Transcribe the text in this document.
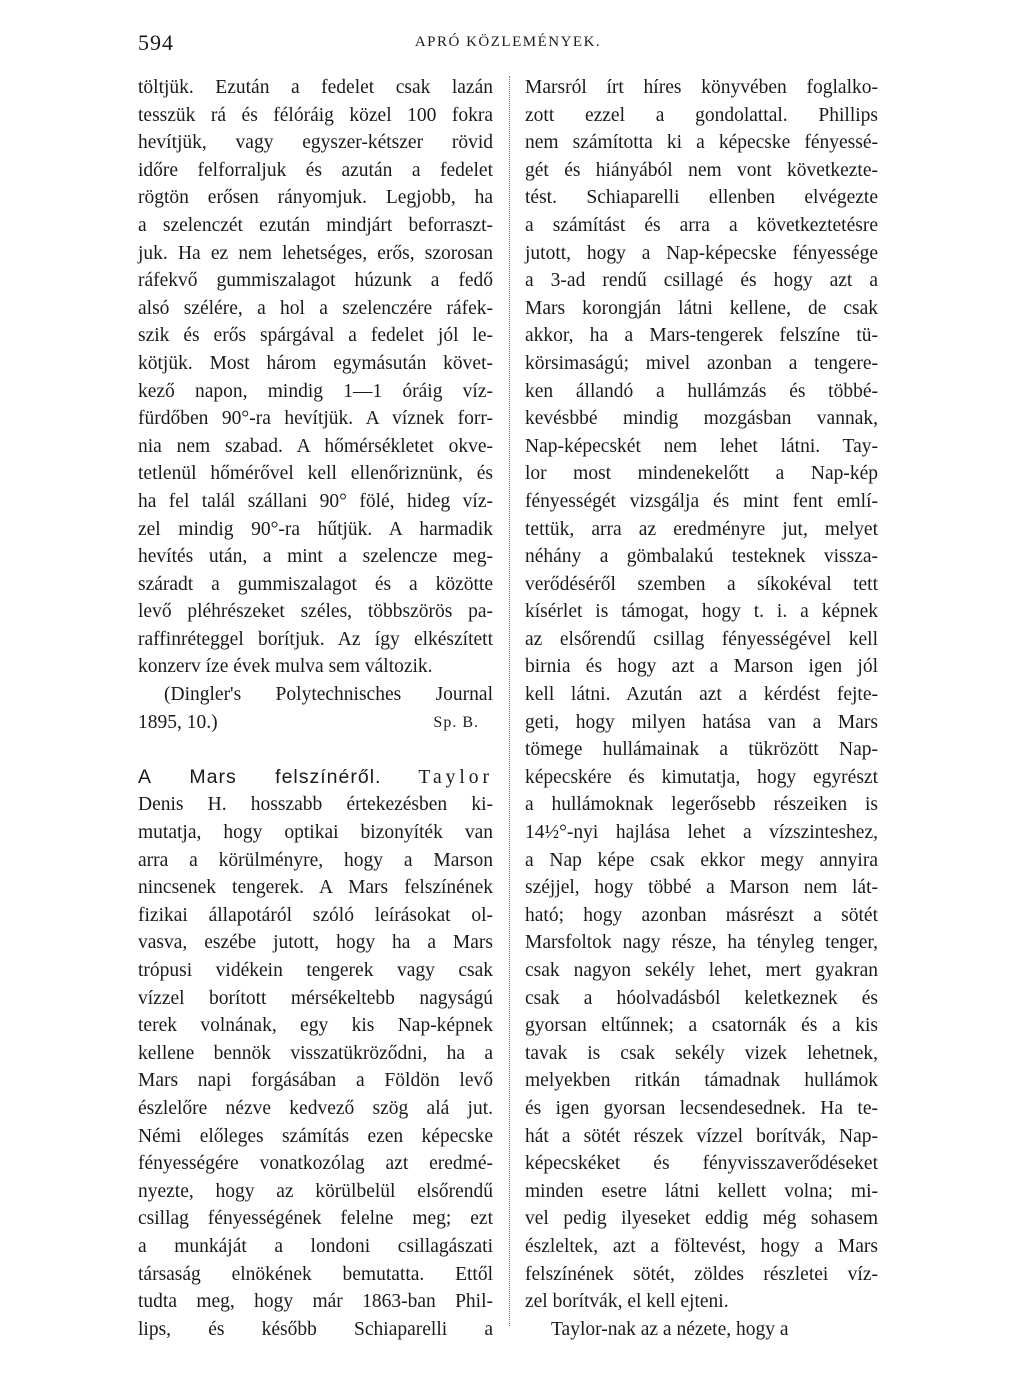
594	APRÓ KÖZLEMÉNYEK.
töltjük. Ezután a fedelet csak lazán
tesszük rá és félóráig közel 100 fokra
hevítjük, vagy egyszer-kétszer rövid
időre felforraljuk és azután a fedelet
rögtön erősen rányomjuk. Legjobb, ha
a szelenczét ezután mindjárt beforraszt-
juk. Ha ez nem lehetséges, erős, szorosan
ráfekvő gummiszalagot húzunk a fedő
alsó szélére, a hol a szelenczére ráfek-
szik és erős spárgával a fedelet jól le-
kötjük. Most három egymásután követ-
kező napon, mindig 1—1 óráig víz-
fürdőben 90°-ra hevítjük. A víznek forr-
nia nem szabad. A hőmérsékletet okve-
tetlenül hőmérővel kell ellenőriznünk, és
ha fel talál szállani 90° fölé, hideg víz-
zel mindig 90°-ra hűtjük. A harmadik
hevítés után, a mint a szelencze meg-
száradt a gummiszalagot és a közötte
levő pléhrészeket széles, többszörös pa-
raffinréteggel borítjuk. Az így elkészített
konzerv íze évek mulva sem változik.
(Dingler's Polytechnisches Journal
1895, 10.)	Sp. B.
A Mars felszínéről. Taylor
Denis H. hosszabb értekezésben ki-
mutatja, hogy optikai bizonyíték van
arra a körülményre, hogy a Marson
nincsenek tengerek. A Mars felszínének
fizikai állapotáról szóló leírásokat ol-
vasva, eszébe jutott, hogy ha a Mars
trópusi vidékein tengerek vagy csak
vízzel borított mérsékeltebb nagyságú
terek volnának, egy kis Nap-képnek
kellene bennök visszatükröződni, ha a
Mars napi forgásában a Földön levő
észlelőre nézve kedvező szög alá jut.
Némi előleges számítás ezen képecske
fényességére vonatkozólag azt eredmé-
nyezte, hogy az körülbelül elsőrendű
csillag fényességének felelne meg; ezt
a munkáját a londoni csillagászati
társaság elnökének bemutatta. Ettől
tudta meg, hogy már 1863-ban Phil-
lips, és később Schiaparelli a
Marsról írt híres könyvében foglalko-
zott ezzel a gondolattal. Phillips
nem számította ki a képecske fényessé-
gét és hiányából nem vont következte-
tést. Schiaparelli ellenben elvégezte
a számítást és arra a következtetésre
jutott, hogy a Nap-képecske fényessége
a 3-ad rendű csillagé és hogy azt a
Mars korongján látni kellene, de csak
akkor, ha a Mars-tengerek felszíne tü-
körsimaságú; mivel azonban a tengere-
ken állandó a hullámzás és többé-
kevésbbé mindig mozgásban vannak,
Nap-képecskét nem lehet látni. Tay-
lor most mindenekelőtt a Nap-kép
fényességét vizsgálja és mint fent emlí-
tettük, arra az eredményre jut, melyet
néhány a gömbalakú testeknek vissza-
verődéséről szemben a síkokéval tett
kísérlet is támogat, hogy t. i. a képnek
az elsőrendű csillag fényességével kell
birnia és hogy azt a Marson igen jól
kell látni. Azután azt a kérdést fejte-
geti, hogy milyen hatása van a Mars
tömege hullámainak a tükrözött Nap-
képecskére és kimutatja, hogy egyrészt
a hullámoknak legerősebb részeiken is
14½°-nyi hajlása lehet a vízszinteshez,
a Nap képe csak ekkor megy annyira
széjjel, hogy többé a Marson nem lát-
ható; hogy azonban másrészt a sötét
Marsfoltok nagy része, ha tényleg tenger,
csak nagyon sekély lehet, mert gyakran
csak a hóolvadásból keletkeznek és
gyorsan eltűnnek; a csatornák és a kis
tavak is csak sekély vizek lehetnek,
melyekben ritkán támadnak hullámok
és igen gyorsan lecsendesednek. Ha te-
hát a sötét részek vízzel borítvák, Nap-
képecskéket és fényvisszaverődéseket
minden esetre látni kellett volna; mi-
vel pedig ilyeseket eddig még sohasem
észleltek, azt a föltevést, hogy a Mars
felszínének sötét, zöldes részletei víz-
zel borítvák, el kell ejteni.
Taylor-nak az a nézete, hogy a
